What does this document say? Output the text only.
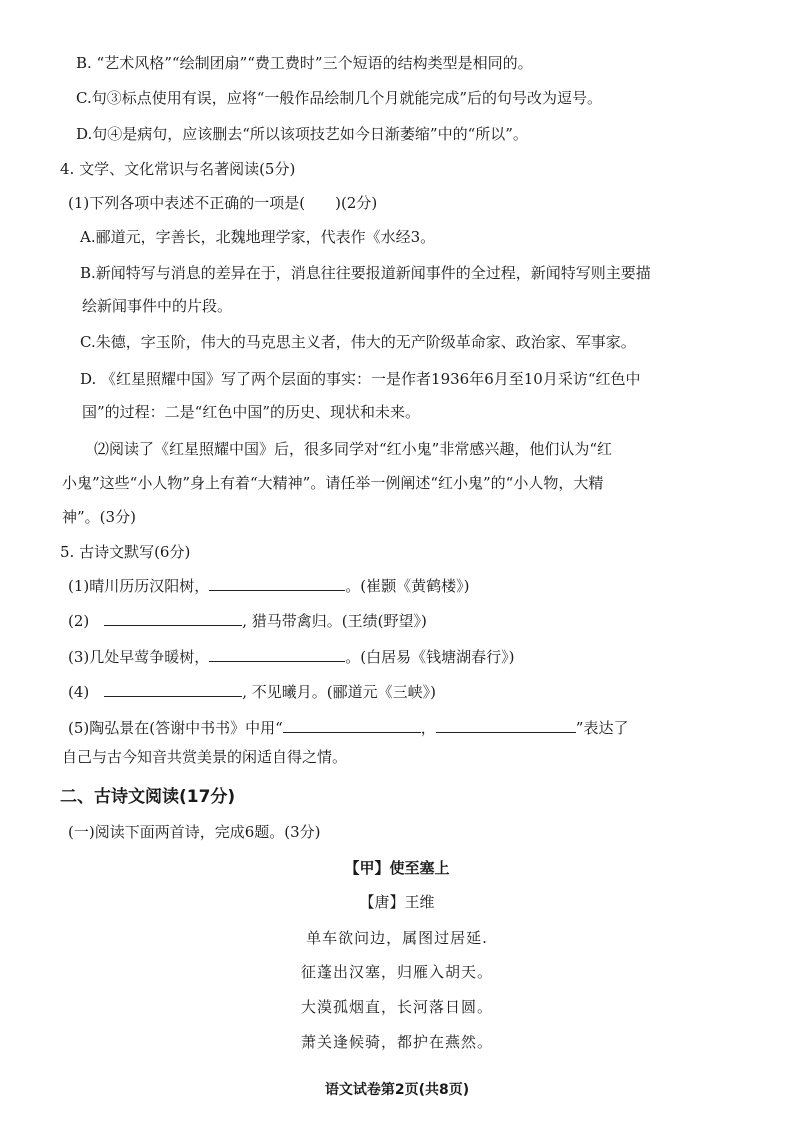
B. “艺术风格”“绘制团扇”“费工费时”三个短语的结构类型是相同的。
C.句③标点使用有误，应将“一般作品绘制几个月就能完成”后的句号改为逗号。
D.句④是病句，应该删去“所以该项技艺如今日渐萎缩”中的“所以”。
4. 文学、文化常识与名著阅读(5分)
(1)下列各项中表述不正确的一项是(　　)(2分)
A.郦道元，字善长，北魏地理学家，代表作《水经3。
B.新闻特写与消息的差异在于，消息往往要报道新闻事件的全过程，新闻特写则主要描
绘新闻事件中的片段。
C.朱德，字玉阶，伟大的马克思主义者，伟大的无产阶级革命家、政治家、军事家。
D. 《红星照耀中国》写了两个层面的事实：一是作者1936年6月至10月采访“红色中
国”的过程：二是“红色中国”的历史、现状和未来。
⑵阅读了《红星照耀中国》后，很多同学对“红小鬼”非常感兴趣，他们认为“红
小鬼”这些“小人物”身上有着“大精神”。请任举一例阐述“红小鬼”的“小人物，大精
神”。(3分)
5. 古诗文默写(6分)
(1)晴川历历汉阳树，	。(崔颢《黄鹤楼》)
(2)　	, 猎马带禽归。(王绩(野望》)
(3)几处早莺争暖树，	。(白居易《钱塘湖春行》)
(4)　	, 不见曦月。(郦道元《三峡》)
(5)陶弘景在(答谢中书书》中用“	，	”表达了
自己与古今知音共赏美景的闲适自得之情。
二、古诗文阅读(17分)
(一)阅读下面两首诗，完成6题。(3分)
【甲】使至塞上
【唐】王维
单车欲问边，属图过居延.
征蓬出汉塞，归雁入胡天。
大漠孤烟直，长河落日圆。
萧关逢候骑，都护在燕然。
语文试卷第2页(共8页)
